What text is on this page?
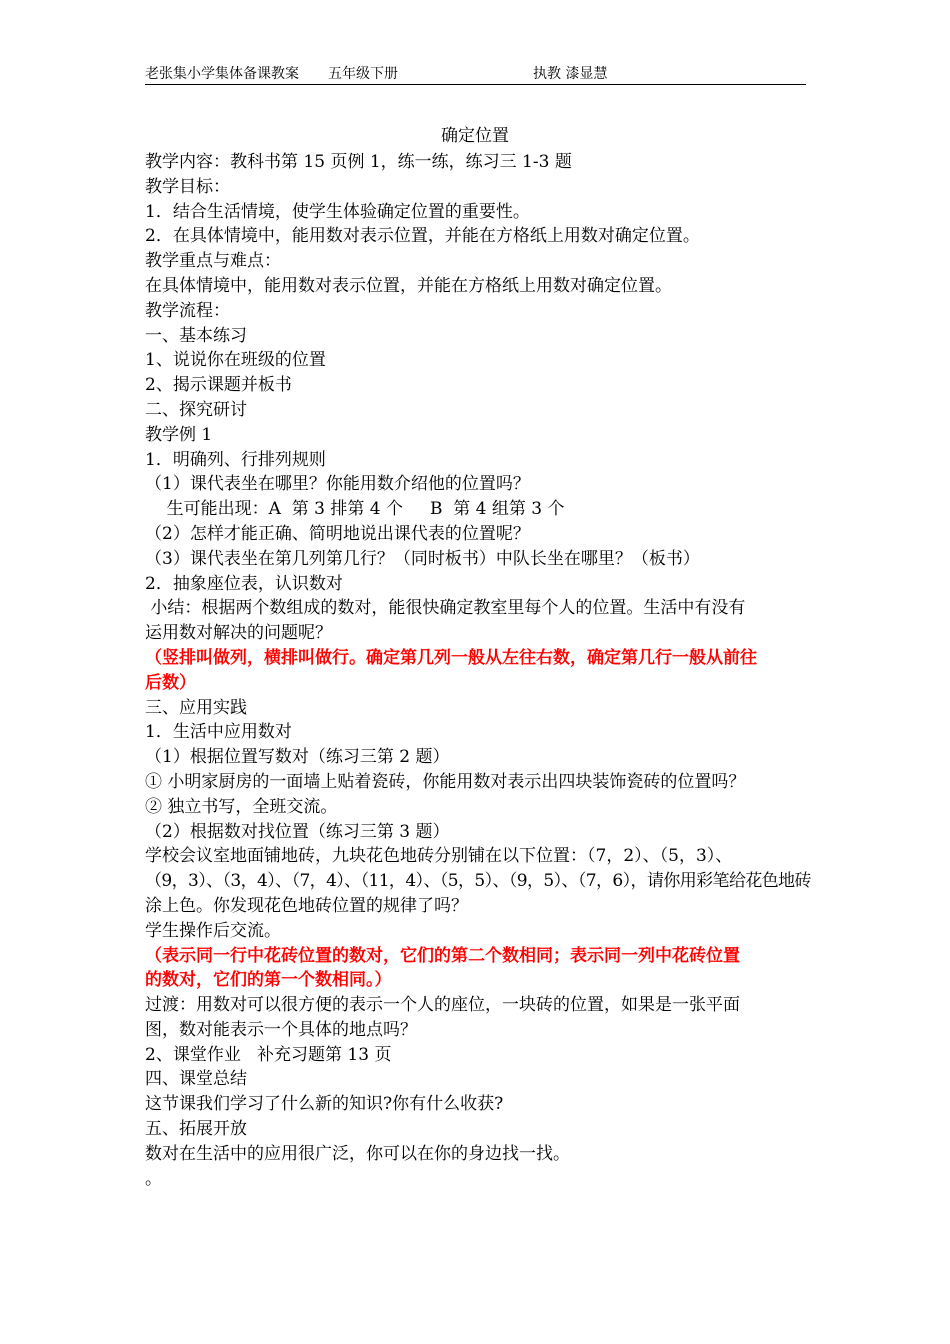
老张集小学集体备课教案 五年级下册	执教 漆显慧
确定位置
教学内容：教科书第 15 页例 1，练一练，练习三 1-3 题
教学目标：
1．结合生活情境，使学生体验确定位置的重要性。
2．在具体情境中，能用数对表示位置，并能在方格纸上用数对确定位置。
教学重点与难点：
在具体情境中，能用数对表示位置，并能在方格纸上用数对确定位置。
教学流程：
一、基本练习
1、说说你在班级的位置
2、揭示课题并板书
二、探究研讨
教学例 1
1．明确列、行排列规则
（1）课代表坐在哪里？你能用数介绍他的位置吗？
生可能出现：A  第 3 排第 4 个     B  第 4 组第 3 个
（2）怎样才能正确、简明地说出课代表的位置呢？
（3）课代表坐在第几列第几行？（同时板书）中队长坐在哪里？（板书）
2．抽象座位表，认识数对
小结：根据两个数组成的数对，能很快确定教室里每个人的位置。生活中有没有
运用数对解决的问题呢？
（竖排叫做列，横排叫做行。确定第几列一般从左往右数，确定第几行一般从前往
后数）
三、应用实践
1．生活中应用数对
（1）根据位置写数对（练习三第 2 题）
① 小明家厨房的一面墙上贴着瓷砖，你能用数对表示出四块装饰瓷砖的位置吗？
② 独立书写，全班交流。
（2）根据数对找位置（练习三第 3 题）
学校会议室地面铺地砖，九块花色地砖分别铺在以下位置：（7，2）、（5，3）、
（9，3）、（3，4）、（7，4）、（11，4）、（5，5）、（9，5）、（7，6），请你用彩笔给花色地砖
涂上色。你发现花色地砖位置的规律了吗？
学生操作后交流。
（表示同一行中花砖位置的数对，它们的第二个数相同；表示同一列中花砖位置
的数对，它们的第一个数相同。）
过渡：用数对可以很方便的表示一个人的座位，一块砖的位置，如果是一张平面
图，数对能表示一个具体的地点吗？
2、课堂作业   补充习题第 13 页
四、课堂总结
这节课我们学习了什么新的知识?你有什么收获?
五、拓展开放
数对在生活中的应用很广泛，你可以在你的身边找一找。
。
